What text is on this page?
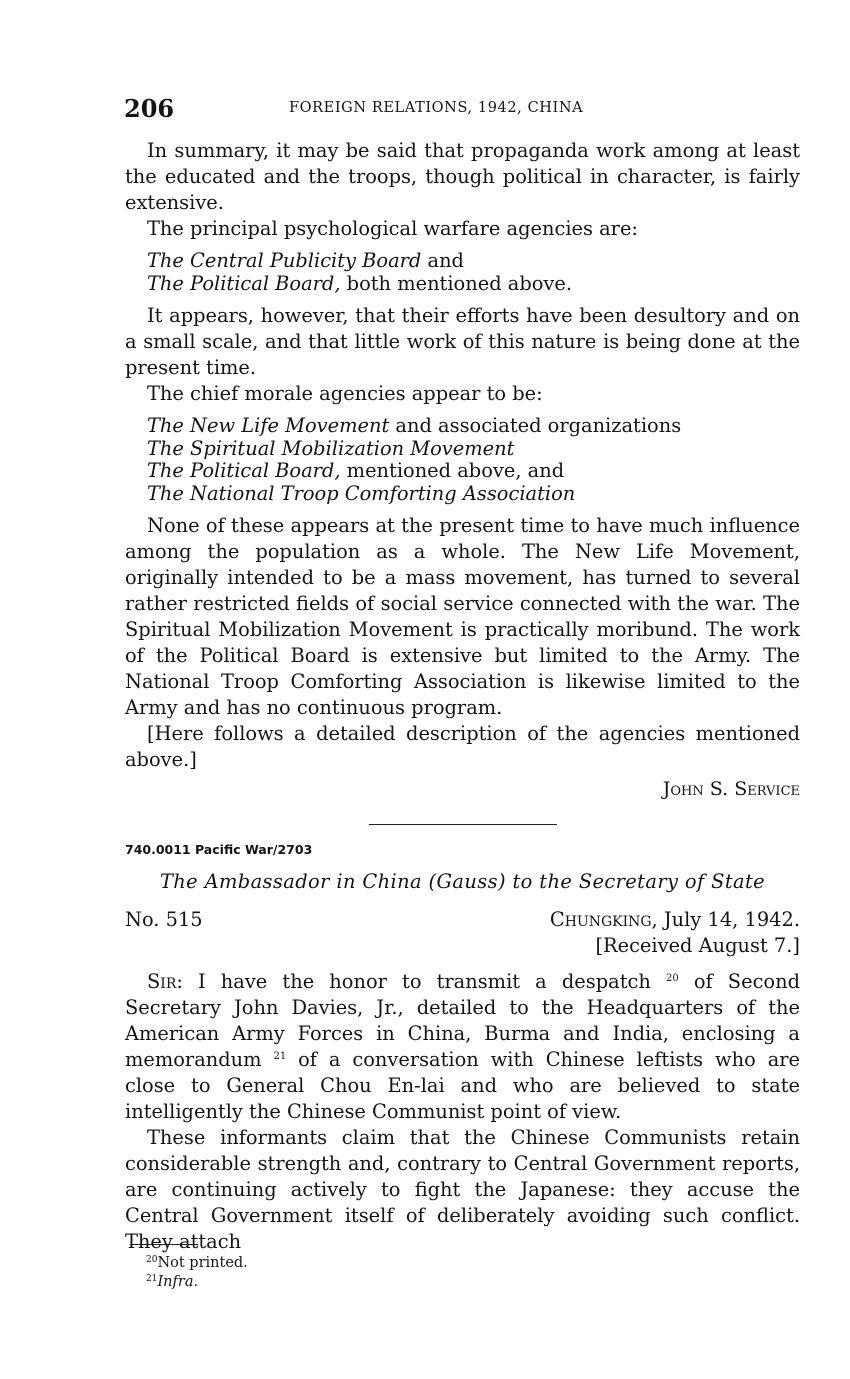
206	FOREIGN RELATIONS, 1942, CHINA

In summary, it may be said that propaganda work among at least the educated and the troops, though political in character, is fairly extensive.

The principal psychological warfare agencies are:

The Central Publicity Board and
The Political Board, both mentioned above.

It appears, however, that their efforts have been desultory and on a small scale, and that little work of this nature is being done at the present time.

The chief morale agencies appear to be:

The New Life Movement and associated organizations
The Spiritual Mobilization Movement
The Political Board, mentioned above, and
The National Troop Comforting Association

None of these appears at the present time to have much influence among the population as a whole. The New Life Movement, originally intended to be a mass movement, has turned to several rather restricted fields of social service connected with the war. The Spiritual Mobilization Movement is practically moribund. The work of the Political Board is extensive but limited to the Army. The National Troop Comforting Association is likewise limited to the Army and has no continuous program.

[Here follows a detailed description of the agencies mentioned above.]

John S. Service
740.0011 Pacific War/2703
The Ambassador in China (Gauss) to the Secretary of State
No. 515	Chungking, July 14, 1942.
[Received August 7.]

Sir: I have the honor to transmit a despatch $^{20}$ of Second Secretary John Davies, Jr., detailed to the Headquarters of the American Army Forces in China, Burma and India, enclosing a memorandum $^{21}$ of a conversation with Chinese leftists who are close to General Chou En-lai and who are believed to state intelligently the Chinese Communist point of view.

These informants claim that the Chinese Communists retain considerable strength and, contrary to Central Government reports, are continuing actively to fight the Japanese: they accuse the Central Government itself of deliberately avoiding such conflict. They attach

$^{20}$Not printed.
$^{21}$Infra.
